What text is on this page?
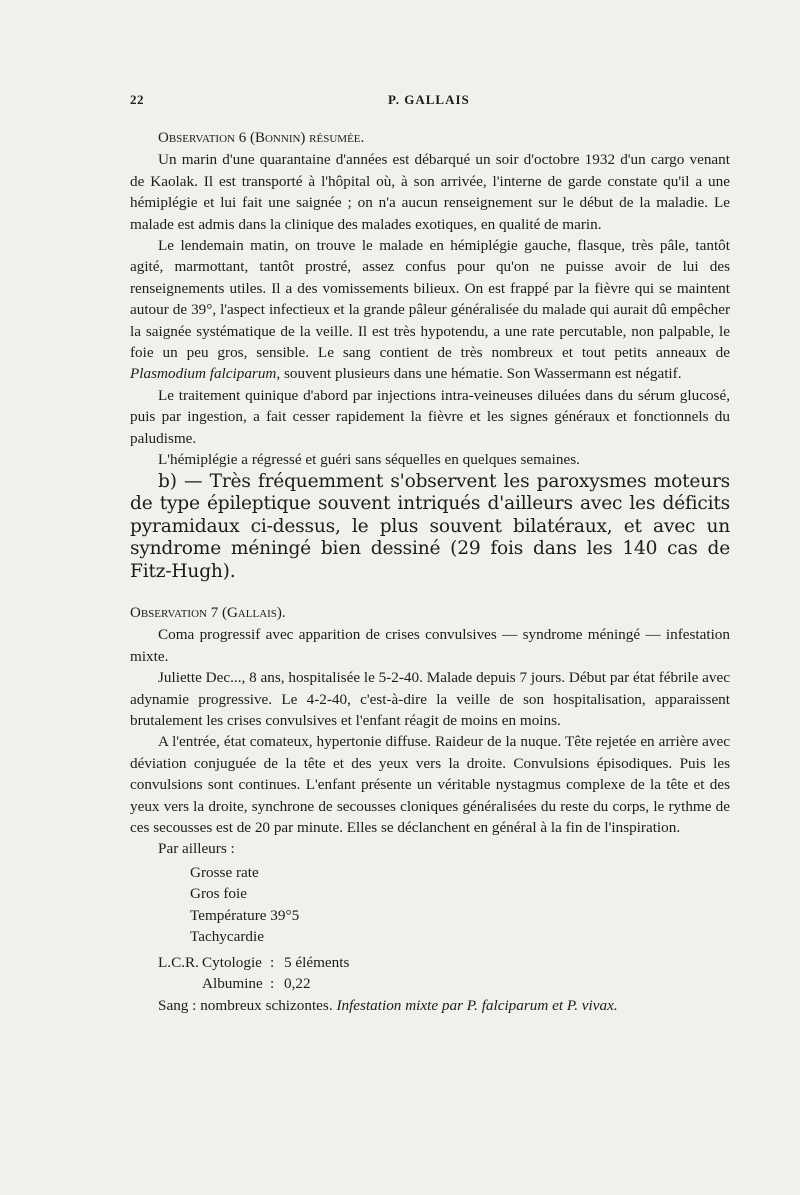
22	P. GALLAIS

Observation 6 (Bonnin) résumée.

Un marin d'une quarantaine d'années est débarqué un soir d'octobre 1932 d'un cargo venant de Kaolak. Il est transporté à l'hôpital où, à son arrivée, l'interne de garde constate qu'il a une hémiplégie et lui fait une saignée ; on n'a aucun renseignement sur le début de la maladie. Le malade est admis dans la clinique des malades exotiques, en qualité de marin.

Le lendemain matin, on trouve le malade en hémiplégie gauche, flasque, très pâle, tantôt agité, marmottant, tantôt prostré, assez confus pour qu'on ne puisse avoir de lui des renseignements utiles. Il a des vomissements bilieux. On est frappé par la fièvre qui se maintent autour de 39°, l'aspect infectieux et la grande pâleur généralisée du malade qui aurait dû empêcher la saignée systématique de la veille. Il est très hypotendu, a une rate percutable, non palpable, le foie un peu gros, sensible. Le sang contient de très nombreux et tout petits anneaux de Plasmodium falciparum, souvent plusieurs dans une hématie. Son Wassermann est négatif.

Le traitement quinique d'abord par injections intra-veineuses diluées dans du sérum glucosé, puis par ingestion, a fait cesser rapidement la fièvre et les signes généraux et fonctionnels du paludisme.

L'hémiplégie a régressé et guéri sans séquelles en quelques semaines.

b) — Très fréquemment s'observent les paroxysmes moteurs de type épileptique souvent intriqués d'ailleurs avec les déficits pyramidaux ci-dessus, le plus souvent bilatéraux, et avec un syndrome méningé bien dessiné (29 fois dans les 140 cas de Fitz-Hugh).

Observation 7 (Gallais).

Coma progressif avec apparition de crises convulsives — syndrome méningé — infestation mixte.

Juliette Dec..., 8 ans, hospitalisée le 5-2-40. Malade depuis 7 jours. Début par état fébrile avec adynamie progressive. Le 4-2-40, c'est-à-dire la veille de son hospitalisation, apparaissent brutalement les crises convulsives et l'enfant réagit de moins en moins.

A l'entrée, état comateux, hypertonie diffuse. Raideur de la nuque. Tête rejetée en arrière avec déviation conjuguée de la tête et des yeux vers la droite. Convulsions épisodiques. Puis les convulsions sont continues. L'enfant présente un véritable nystagmus complexe de la tête et des yeux vers la droite, synchrone de secousses cloniques généralisées du reste du corps, le rythme de ces secousses est de 20 par minute. Elles se déclanchent en général à la fin de l'inspiration.

Par ailleurs :

Grosse rate
Gros foie
Température 39°5
Tachycardie
L.C.R. Cytologie : 5 éléments
Albumine : 0,22

Sang : nombreux schizontes. Infestation mixte par P. falciparum et P. vivax.
